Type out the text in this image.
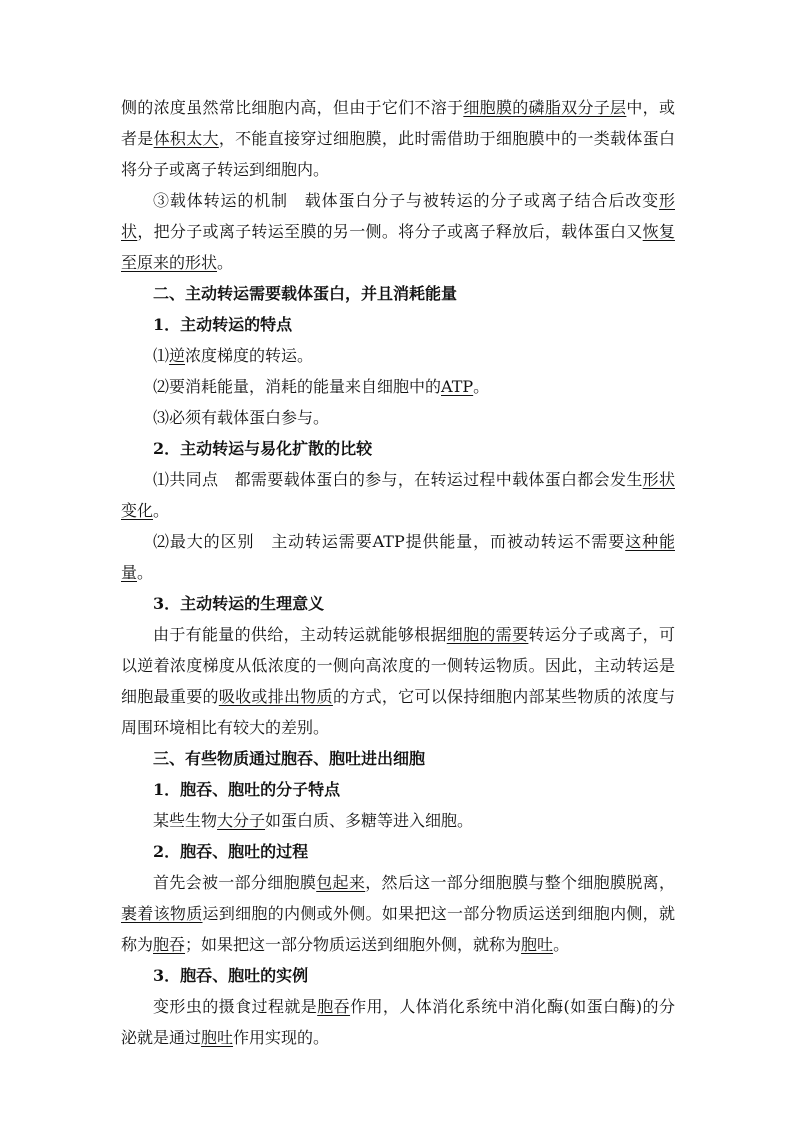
侧的浓度虽然常比细胞内高，但由于它们不溶于细胞膜的磷脂双分子层中，或者是体积太大，不能直接穿过细胞膜，此时需借助于细胞膜中的一类载体蛋白将分子或离子转运到细胞内。

③载体转运的机制　载体蛋白分子与被转运的分子或离子结合后改变形状，把分子或离子转运至膜的另一侧。将分子或离子释放后，载体蛋白又恢复至原来的形状。

二、主动转运需要载体蛋白，并且消耗能量

1．主动转运的特点

⑴逆浓度梯度的转运。

⑵要消耗能量，消耗的能量来自细胞中的ATP。

⑶必须有载体蛋白参与。

2．主动转运与易化扩散的比较

⑴共同点　都需要载体蛋白的参与，在转运过程中载体蛋白都会发生形状变化。

⑵最大的区别　主动转运需要ATP提供能量，而被动转运不需要这种能量。

3．主动转运的生理意义

由于有能量的供给，主动转运就能够根据细胞的需要转运分子或离子，可以逆着浓度梯度从低浓度的一侧向高浓度的一侧转运物质。因此，主动转运是细胞最重要的吸收或排出物质的方式，它可以保持细胞内部某些物质的浓度与周围环境相比有较大的差别。

三、有些物质通过胞吞、胞吐进出细胞

1．胞吞、胞吐的分子特点

某些生物大分子如蛋白质、多糖等进入细胞。

2．胞吞、胞吐的过程

首先会被一部分细胞膜包起来，然后这一部分细胞膜与整个细胞膜脱离，裹着该物质运到细胞的内侧或外侧。如果把这一部分物质运送到细胞内侧，就称为胞吞；如果把这一部分物质运送到细胞外侧，就称为胞吐。

3．胞吞、胞吐的实例

变形虫的摄食过程就是胞吞作用，人体消化系统中消化酶(如蛋白酶)的分泌就是通过胞吐作用实现的。
